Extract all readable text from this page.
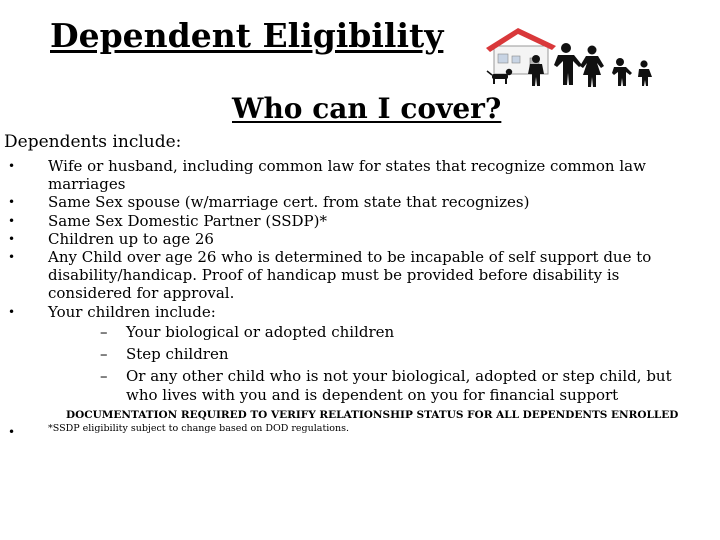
Dependent Eligibility
Who can I cover?
Dependents include:
• Wife or husband, including common law for states that recognize common law marriages
• Same Sex spouse (w/marriage cert. from state that recognizes)
• Same Sex Domestic Partner (SSDP)*
• Children up to age 26
• Any Child over age 26 who is determined to be incapable of self support due to disability/handicap. Proof of handicap must be provided before disability is considered for approval.
• Your children include:
– Your biological or adopted children
– Step children
– Or any other child who is not your biological, adopted or step child, but who lives with you and is dependent on you for financial support
•
DOCUMENTATION REQUIRED TO VERIFY RELATIONSHIP STATUS FOR ALL DEPENDENTS ENROLLED
*SSDP eligibility subject to change based on DOD regulations.
